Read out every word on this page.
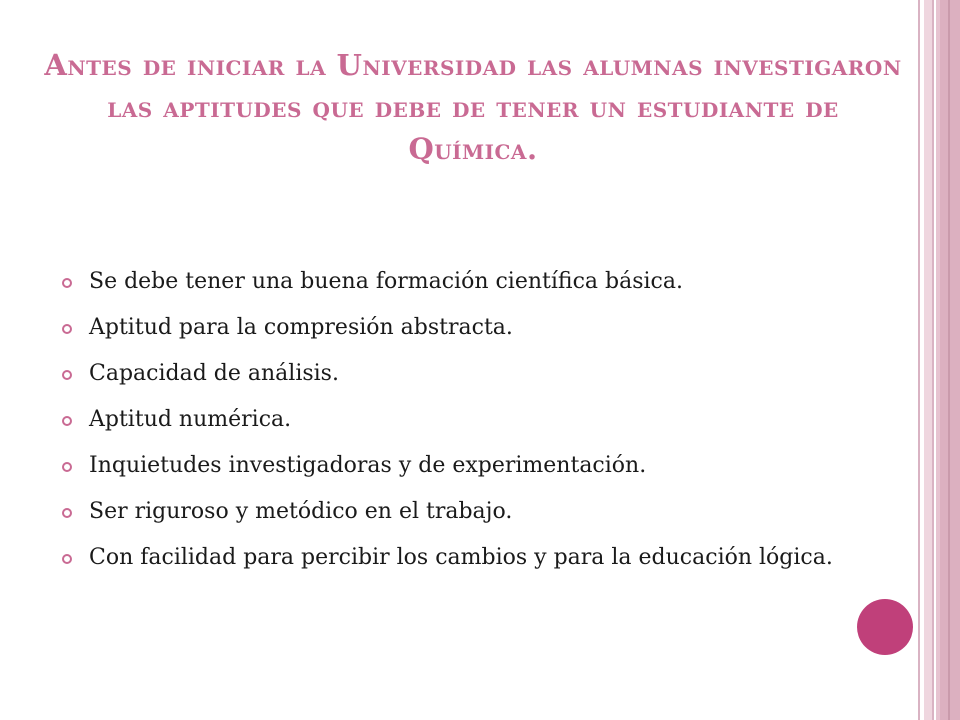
Antes de iniciar la Universidad las alumnas investigaron las aptitudes que debe de tener un estudiante de Química.
Se debe tener una buena formación científica básica.
Aptitud para la compresión abstracta.
Capacidad de análisis.
Aptitud numérica.
Inquietudes investigadoras y de experimentación.
Ser riguroso y metódico en el trabajo.
Con facilidad para percibir los cambios y para la educación lógica.
